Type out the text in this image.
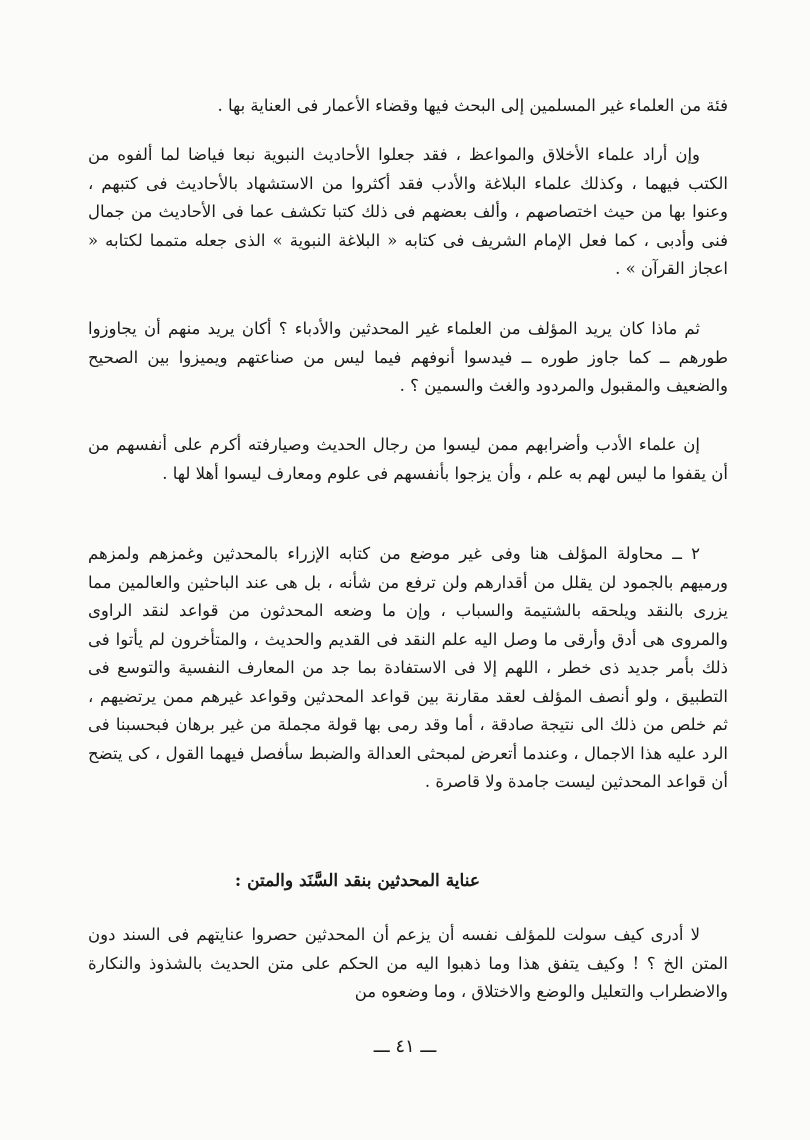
فئة من العلماء غير المسلمين إلى البحث فيها وقضاء الأعمار فى العناية بها .

وإن أراد علماء الأخلاق والمواعظ ، فقد جعلوا الأحاديث النبوية نبعا فياضا لما ألفوه من الكتب فيهما ، وكذلك علماء البلاغة والأدب فقد أكثروا من الاستشهاد بالأحاديث فى كتبهم ، وعنوا بها من حيث اختصاصهم ، وألف بعضهم فى ذلك كتبا تكشف عما فى الأحاديث من جمال فنى وأدبى ، كما فعل الإمام الشريف فى كتابه « البلاغة النبوية » الذى جعله متمما لكتابه « اعجاز القرآن » .

ثم ماذا كان يريد المؤلف من العلماء غير المحدثين والأدباء ؟ أكان يريد منهم أن يجاوزوا طورهم ــ كما جاوز طوره ــ فيدسوا أنوفهم فيما ليس من صناعتهم ويميزوا بين الصحيح والضعيف والمقبول والمردود والغث والسمين ؟ .

إن علماء الأدب وأضرابهم ممن ليسوا من رجال الحديث وصيارفته أكرم على أنفسهم من أن يقفوا ما ليس لهم به علم ، وأن يزجوا بأنفسهم فى علوم ومعارف ليسوا أهلا لها .

٢ ــ محاولة المؤلف هنا وفى غير موضع من كتابه الإزراء بالمحدثين وغمزهم ولمزهم ورميهم بالجمود لن يقلل من أقدارهم ولن ترفع من شأنه ، بل هى عند الباحثين والعالمين مما يزرى بالنقد ويلحقه بالشتيمة والسباب ، وإن ما وضعه المحدثون من قواعد لنقد الراوى والمروى هى أدق وأرقى ما وصل اليه علم النقد فى القديم والحديث ، والمتأخرون لم يأتوا فى ذلك بأمر جديد ذى خطر ، اللهم إلا فى الاستفادة بما جد من المعارف النفسية والتوسع فى التطبيق ، ولو أنصف المؤلف لعقد مقارنة بين قواعد المحدثين وقواعد غيرهم ممن يرتضيهم ، ثم خلص من ذلك الى نتيجة صادقة ، أما وقد رمى بها قولة مجملة من غير برهان فبحسبنا فى الرد عليه هذا الاجمال ، وعندما أتعرض لمبحثى العدالة والضبط سأفصل فيهما القول ، كى يتضح أن قواعد المحدثين ليست جامدة ولا قاصرة .

عناية المحدثين بنقد السَّنَد والمتن :

لا أدرى كيف سولت للمؤلف نفسه أن يزعم أن المحدثين حصروا عنايتهم فى السند دون المتن الخ ؟ ! وكيف يتفق هذا وما ذهبوا اليه من الحكم على متن الحديث بالشذوذ والنكارة والاضطراب والتعليل والوضع والاختلاق ، وما وضعوه من

ـــ ٤١ ـــ
